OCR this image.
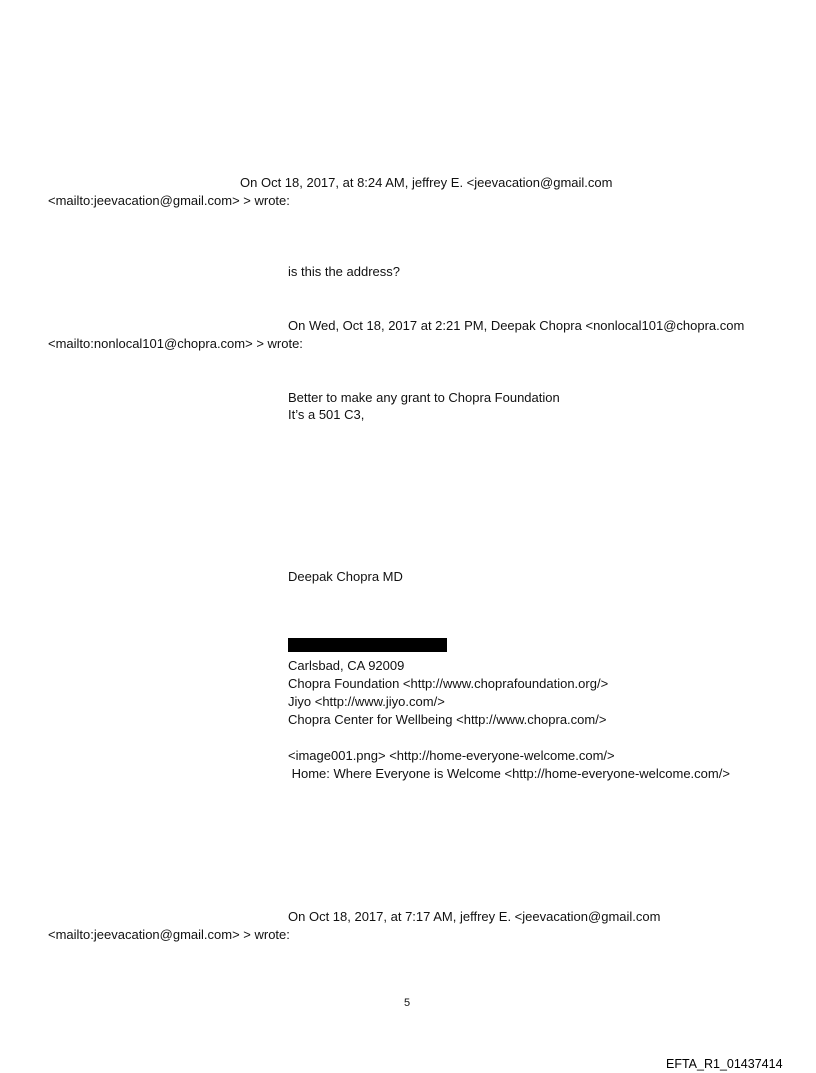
On Oct 18, 2017, at 8:24 AM, jeffrey E. <jeevacation@gmail.com
<mailto:jeevacation@gmail.com> > wrote:
is this the address?
On Wed, Oct 18, 2017 at 2:21 PM, Deepak Chopra <nonlocal101@chopra.com
<mailto:nonlocal101@chopra.com> > wrote:
Better to make any grant to Chopra Foundation
It’s a 501 C3,
Deepak Chopra MD
Carlsbad, CA 92009
Chopra Foundation <http://www.choprafoundation.org/>
Jiyo <http://www.jiyo.com/>
Chopra Center for Wellbeing <http://www.chopra.com/>
<image001.png> <http://home-everyone-welcome.com/>
Home: Where Everyone is Welcome <http://home-everyone-welcome.com/>
On Oct 18, 2017, at 7:17 AM, jeffrey E. <jeevacation@gmail.com
<mailto:jeevacation@gmail.com> > wrote:
5
EFTA_R1_01437414
